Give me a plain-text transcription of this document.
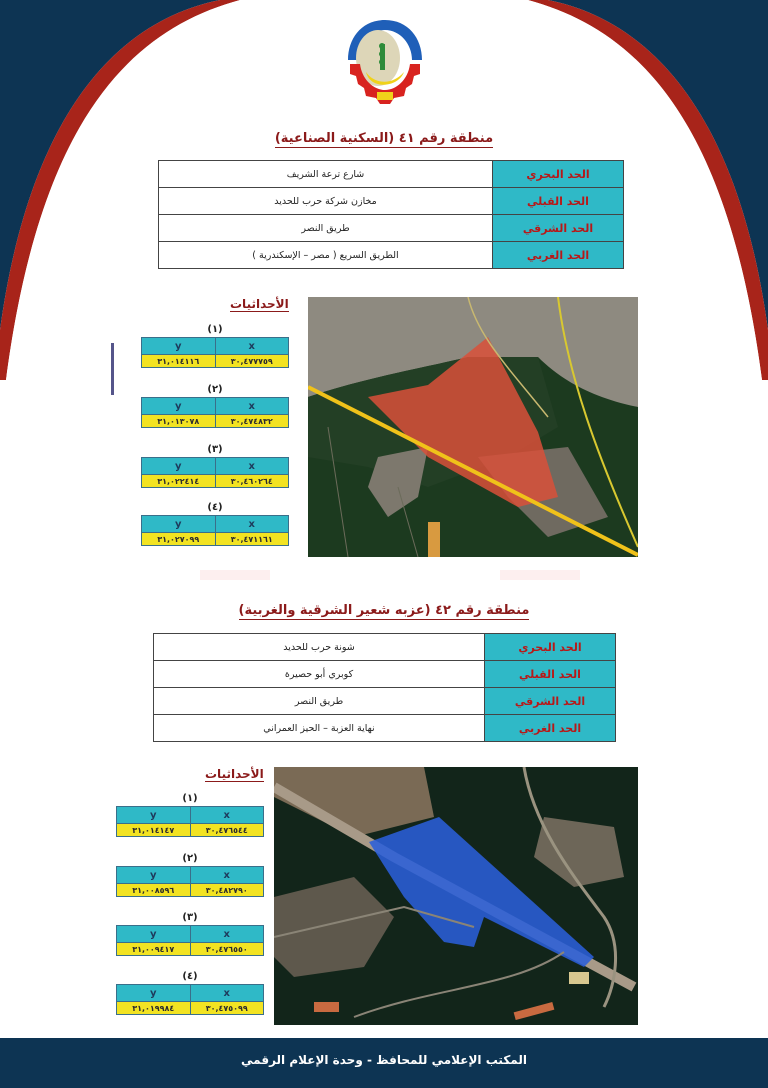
منطقة رقم ٤١ (السكنية الصناعية)
الحد البحري	شارع ترعة الشريف
الحد القبلي	مخازن شركة حرب للحديد
الحد الشرقي	طريق النصر
الحد الغربي	الطريق السريع ( مصر – الإسكندرية )
الأحداثيات
(١)
y	x
٣١,٠١٤١١٦	٣٠,٤٧٧٧٥٩
(٢)
y	x
٣١,٠١٣٠٧٨	٣٠,٤٧٤٨٣٢
(٣)
y	x
٣١,٠٢٢٤١٤	٣٠,٤٦٠٢٦٤
(٤)
y	x
٣١,٠٢٧٠٩٩	٣٠,٤٧١١٦١
منطقة رقم ٤٢ (عزبه شعير الشرقية والغربية)
الحد البحري	شونة حرب للحديد
الحد القبلي	كوبري أبو حصيرة
الحد الشرقي	طريق النصر
الحد الغربي	نهاية العزبة – الحيز العمراني
الأحداثيات
(١)
y	x
٣١,٠١٤١٤٧	٣٠,٤٧٦٥٤٤
(٢)
y	x
٣١,٠٠٨٥٩٦	٣٠,٤٨٢٧٩٠
(٣)
y	x
٣١,٠٠٩٤١٧	٣٠,٤٧٦٥٥٠
(٤)
y	x
٣١,٠١٩٩٨٤	٣٠,٤٧٥٠٩٩
المكتب الإعلامي للمحافظ - وحدة الإعلام الرقمي
